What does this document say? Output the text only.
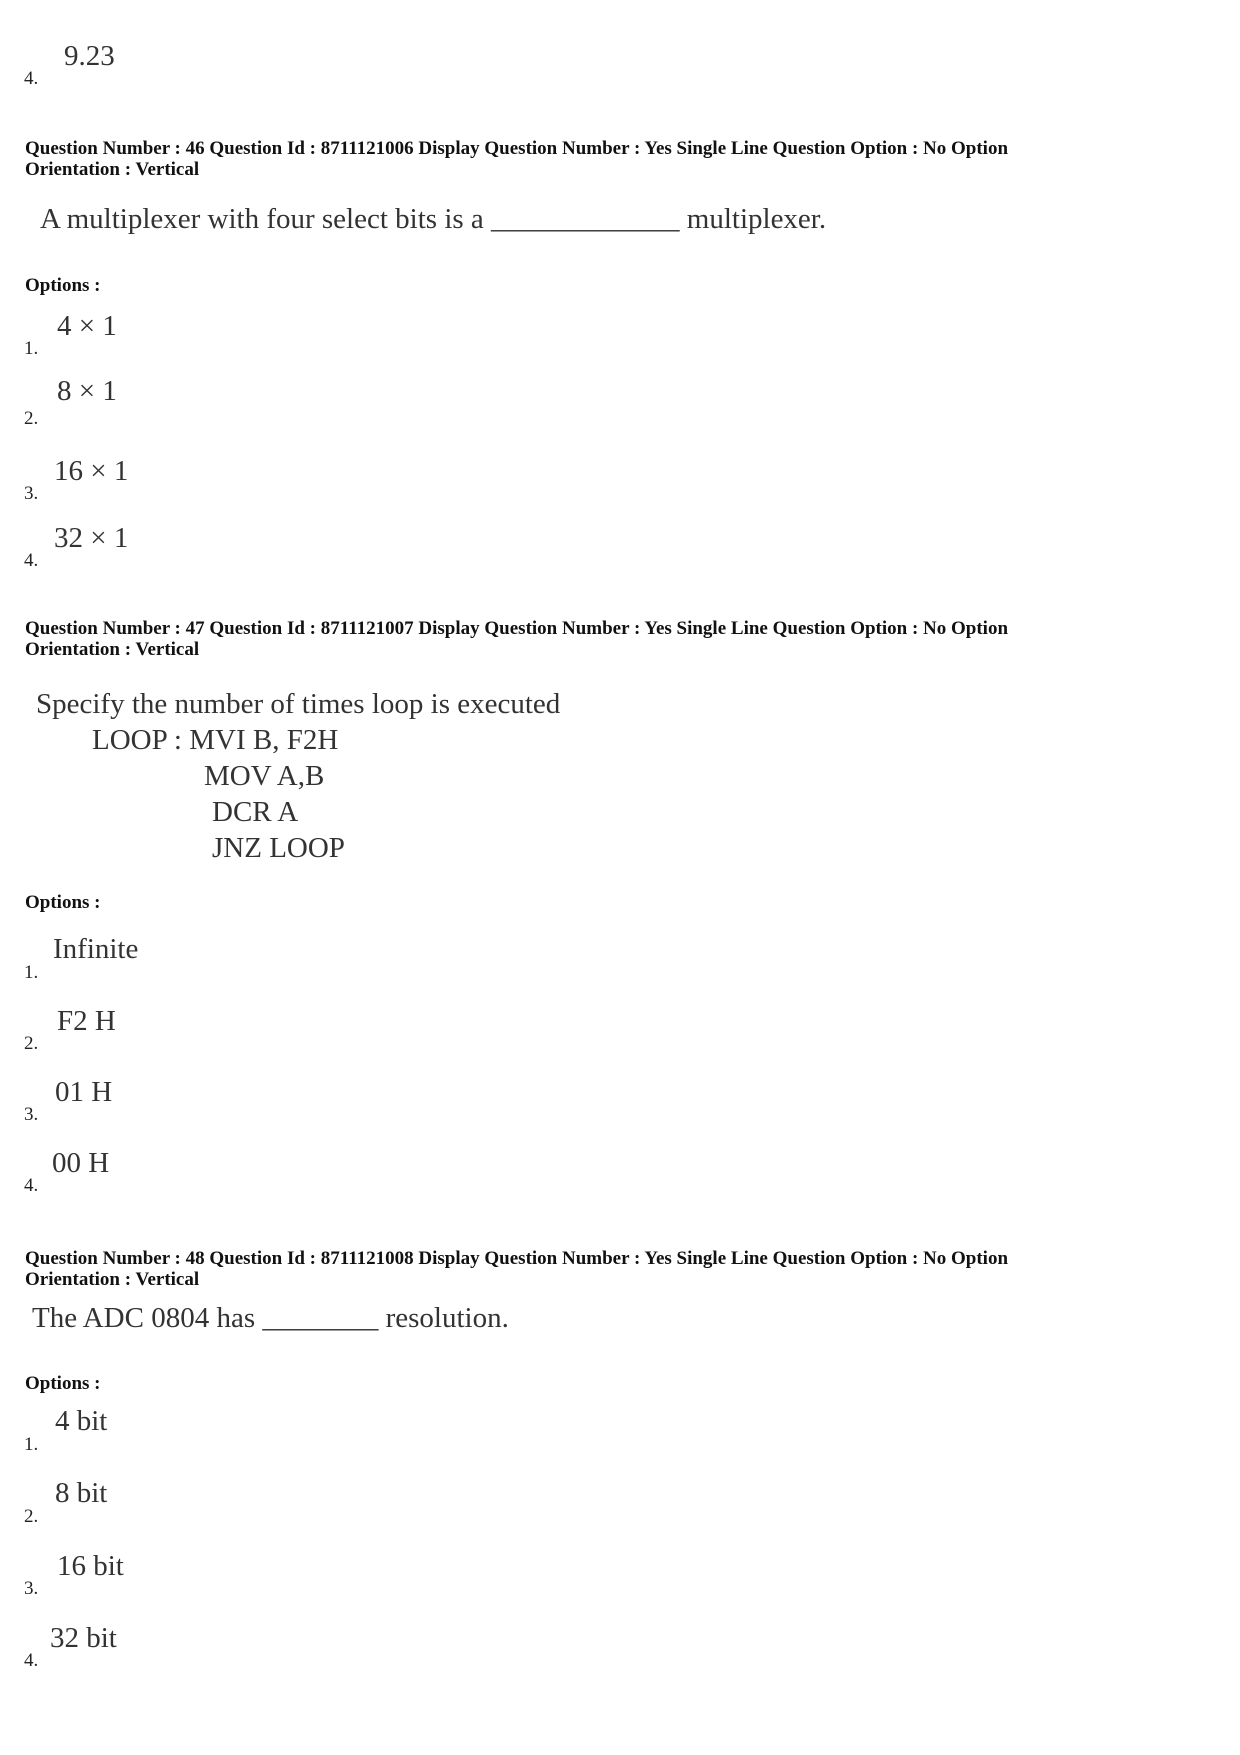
9.23
4.
Question Number : 46 Question Id : 8711121006 Display Question Number : Yes Single Line Question Option : No Option
Orientation : Vertical
A multiplexer with four select bits is a _____________ multiplexer.
Options :
4 × 1
1.
8 × 1
2.
16 × 1
3.
32 × 1
4.
Question Number : 47 Question Id : 8711121007 Display Question Number : Yes Single Line Question Option : No Option
Orientation : Vertical
Specify the number of times loop is executed
LOOP : MVI B, F2H
MOV A,B
DCR A
JNZ LOOP
Options :
Infinite
1.
F2 H
2.
01 H
3.
00 H
4.
Question Number : 48 Question Id : 8711121008 Display Question Number : Yes Single Line Question Option : No Option
Orientation : Vertical
The ADC 0804 has ________ resolution.
Options :
4 bit
1.
8 bit
2.
16 bit
3.
32 bit
4.
